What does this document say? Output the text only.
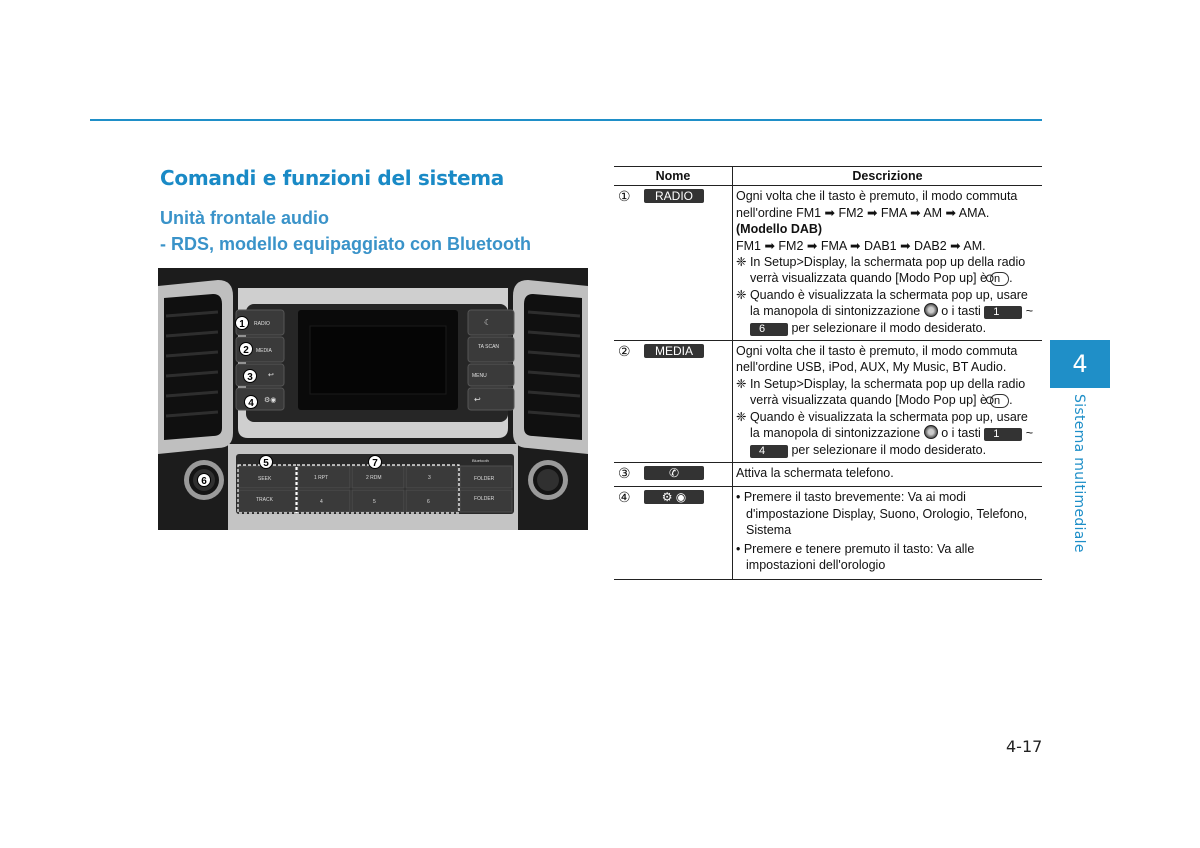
Comandi e funzioni del sistema
Unità frontale audio
- RDS, modello equipaggiato con Bluetooth
RADIO
MEDIA
TA SCAN
MENU
↩
⚙◉
☾
↩
SEEK
TRACK
1 RPT	2 RDM	3
4	5	6
FOLDER
FOLDER
Bluetooth
1
2
3
4
5
6
7
Nome	Descrizione
① RADIO	Ogni volta che il tasto è premuto, il modo commuta nell'ordine FM1 ➡ FM2 ➡ FMA ➡ AM ➡ AMA.
(Modello DAB)
FM1 ➡ FM2 ➡ FMA ➡ DAB1 ➡ DAB2 ➡ AM.
❈ In Setup>Display, la schermata pop up della radio verrà visualizzata quando [Modo Pop up] è On .
❈ Quando è visualizzata la schermata pop up, usare la manopola di sintonizzazione o i tasti 1 ~ 6 per selezionare il modo desiderato.

② MEDIA	Ogni volta che il tasto è premuto, il modo commuta nell'ordine USB, iPod, AUX, My Music, BT Audio.
❈ In Setup>Display, la schermata pop up della radio verrà visualizzata quando [Modo Pop up] è On .
❈ Quando è visualizzata la schermata pop up, usare la manopola di sintonizzazione o i tasti 1 ~ 4 per selezionare il modo desiderato.

③ ✆	Attiva la schermata telefono.

④ ⚙ ◉	• Premere il tasto brevemente: Va ai modi d'impostazione Display, Suono, Orologio, Telefono, Sistema
• Premere e tenere premuto il tasto: Va alle impostazioni dell'orologio
4
Sistema multimediale
4-17
